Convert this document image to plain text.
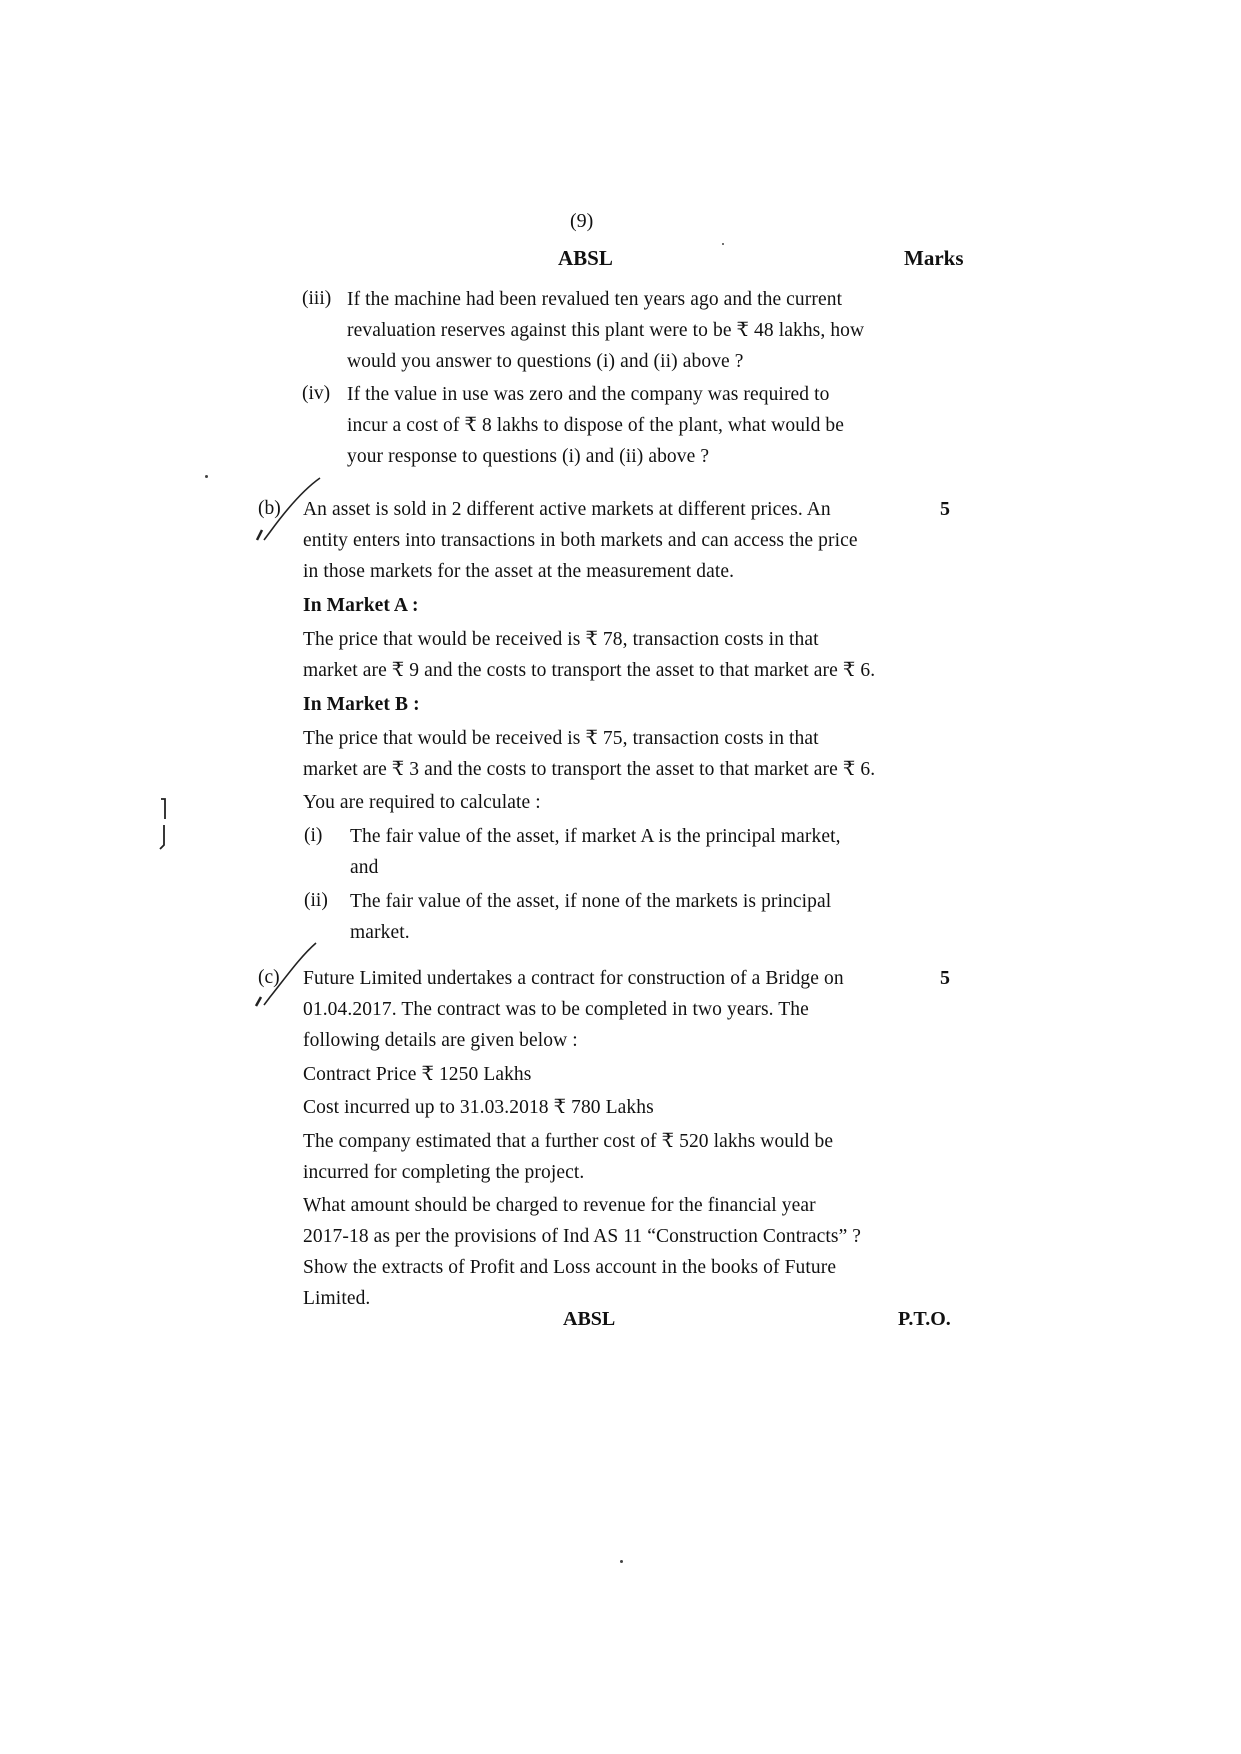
(9)
ABSL	Marks
(iii) If the machine had been revalued ten years ago and the current
revaluation reserves against this plant were to be ₹ 48 lakhs, how
would you answer to questions (i) and (ii) above ?
(iv) If the value in use was zero and the company was required to
incur a cost of ₹ 8 lakhs to dispose of the plant, what would be
your response to questions (i) and (ii) above ?
(b)	5
An asset is sold in 2 different active markets at different prices. An
entity enters into transactions in both markets and can access the price
in those markets for the asset at the measurement date.
In Market A :
The price that would be received is ₹ 78, transaction costs in that
market are ₹ 9 and the costs to transport the asset to that market are ₹ 6.
In Market B :
The price that would be received is ₹ 75, transaction costs in that
market are ₹ 3 and the costs to transport the asset to that market are ₹ 6.
You are required to calculate :
(i) The fair value of the asset, if market A is the principal market,
and
(ii) The fair value of the asset, if none of the markets is principal
market.
(c)	5
Future Limited undertakes a contract for construction of a Bridge on
01.04.2017. The contract was to be completed in two years. The
following details are given below :
Contract Price ₹ 1250 Lakhs
Cost incurred up to 31.03.2018 ₹ 780 Lakhs
The company estimated that a further cost of ₹ 520 lakhs would be
incurred for completing the project.
What amount should be charged to revenue for the financial year
2017-18 as per the provisions of Ind AS 11 “Construction Contracts” ?
Show the extracts of Profit and Loss account in the books of Future
Limited.
ABSL	P.T.O.
